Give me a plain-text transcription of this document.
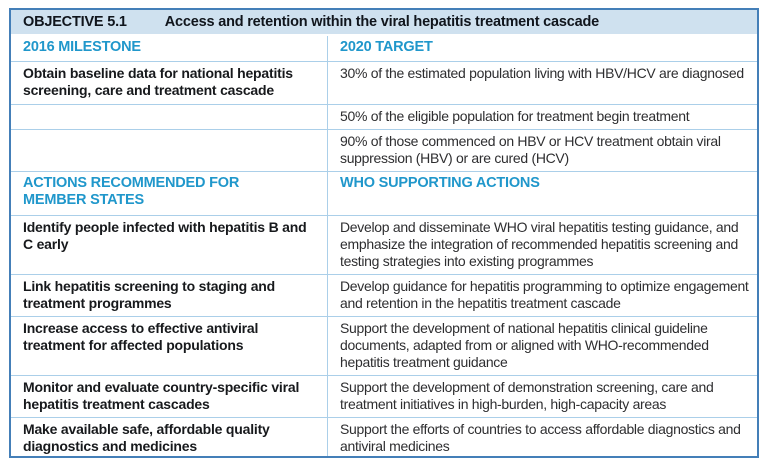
OBJECTIVE 5.1	Access and retention within the viral hepatitis treatment cascade
2016 MILESTONE	2020 TARGET
Obtain baseline data for national hepatitis screening, care and treatment cascade
30% of the estimated population living with HBV/HCV are diagnosed
50% of the eligible population for treatment begin treatment
90% of those commenced on HBV or HCV treatment obtain viral suppression (HBV) or are cured (HCV)
ACTIONS RECOMMENDED FOR MEMBER STATES
WHO SUPPORTING ACTIONS
Identify people infected with hepatitis B and C early
Develop and disseminate WHO viral hepatitis testing guidance, and emphasize the integration of recommended hepatitis screening and testing strategies into existing programmes
Link hepatitis screening to staging and treatment programmes
Develop guidance for hepatitis programming to optimize engagement and retention in the hepatitis treatment cascade
Increase access to effective antiviral treatment for affected populations
Support the development of national hepatitis clinical guideline documents, adapted from or aligned with WHO-recommended hepatitis treatment guidance
Monitor and evaluate country-specific viral hepatitis treatment cascades
Support the development of demonstration screening, care and treatment initiatives in high-burden, high-capacity areas
Make available safe, affordable quality diagnostics and medicines
Support the efforts of countries to access affordable diagnostics and antiviral medicines
